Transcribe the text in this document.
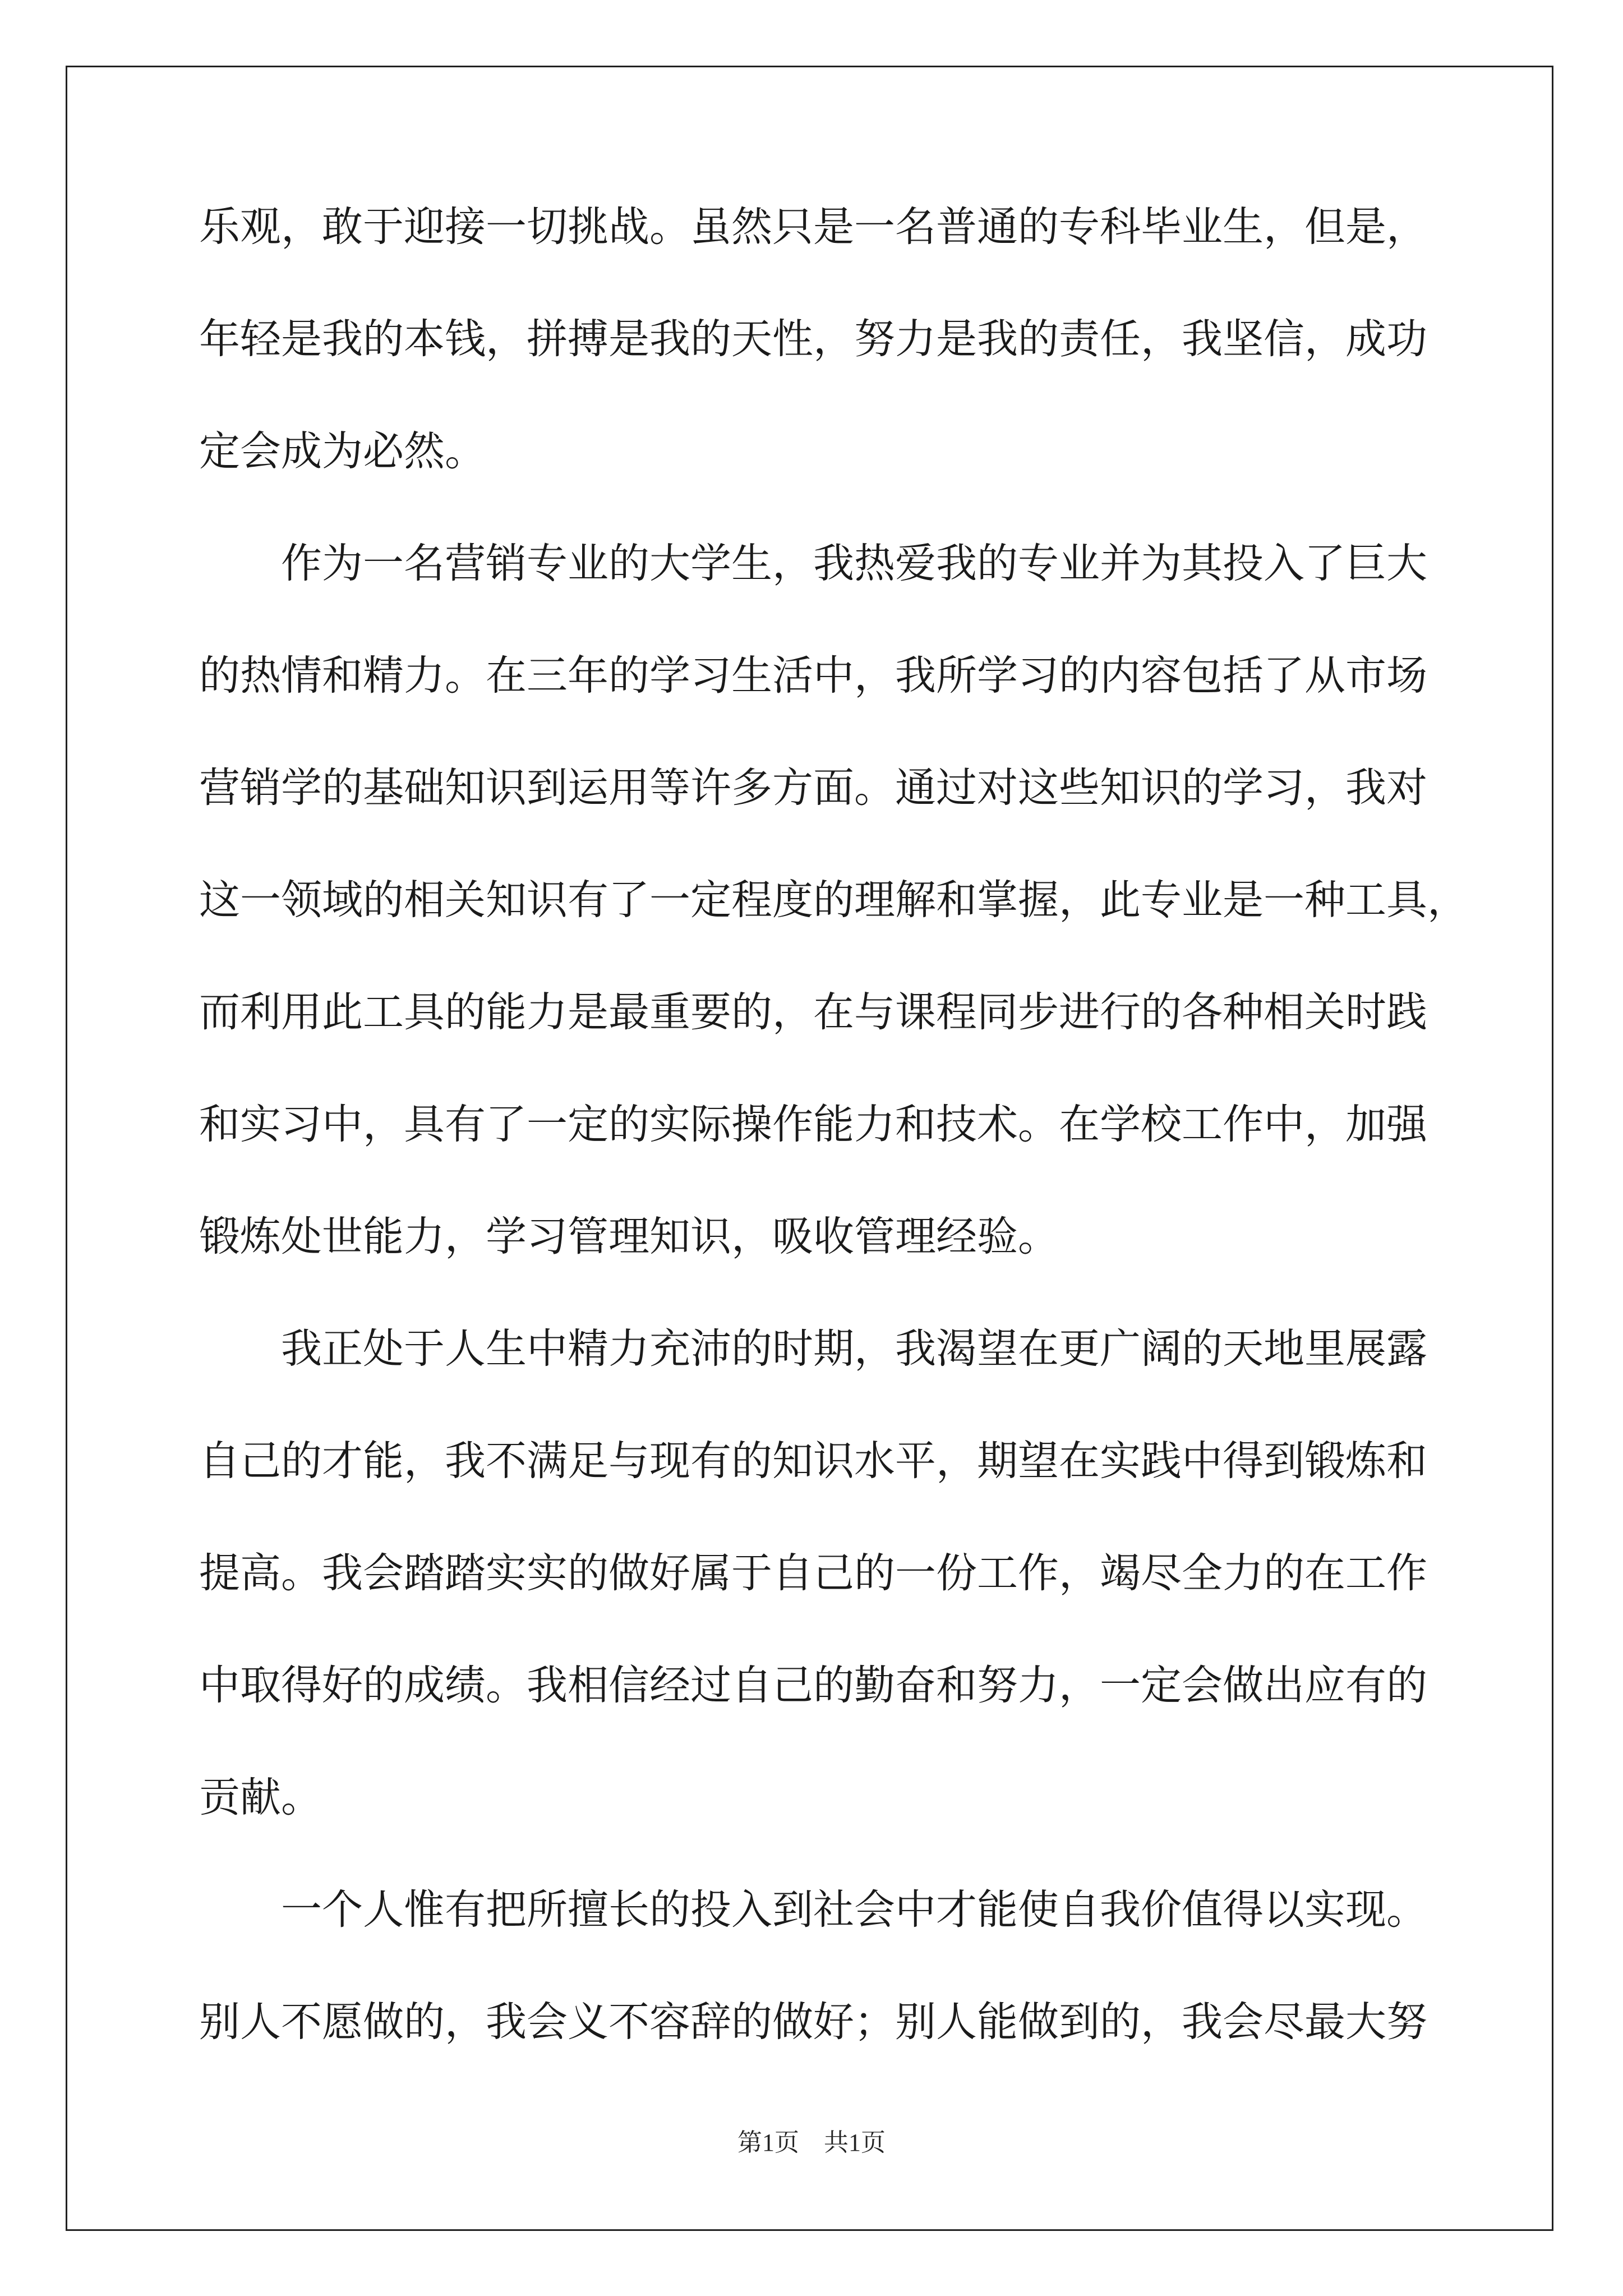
乐观，敢于迎接一切挑战。虽然只是一名普通的专科毕业生，但是，
年轻是我的本钱，拼搏是我的天性，努力是我的责任，我坚信，成功
定会成为必然。
　　作为一名营销专业的大学生，我热爱我的专业并为其投入了巨大
的热情和精力。在三年的学习生活中，我所学习的内容包括了从市场
营销学的基础知识到运用等许多方面。通过对这些知识的学习，我对
这一领域的相关知识有了一定程度的理解和掌握，此专业是一种工具，
而利用此工具的能力是最重要的，在与课程同步进行的各种相关时践
和实习中，具有了一定的实际操作能力和技术。在学校工作中，加强
锻炼处世能力，学习管理知识，吸收管理经验。
　　我正处于人生中精力充沛的时期，我渴望在更广阔的天地里展露
自己的才能，我不满足与现有的知识水平，期望在实践中得到锻炼和
提高。我会踏踏实实的做好属于自己的一份工作，竭尽全力的在工作
中取得好的成绩。我相信经过自己的勤奋和努力，一定会做出应有的
贡献。
　　一个人惟有把所擅长的投入到社会中才能使自我价值得以实现。
别人不愿做的，我会义不容辞的做好；别人能做到的，我会尽最大努
第1页　共1页
